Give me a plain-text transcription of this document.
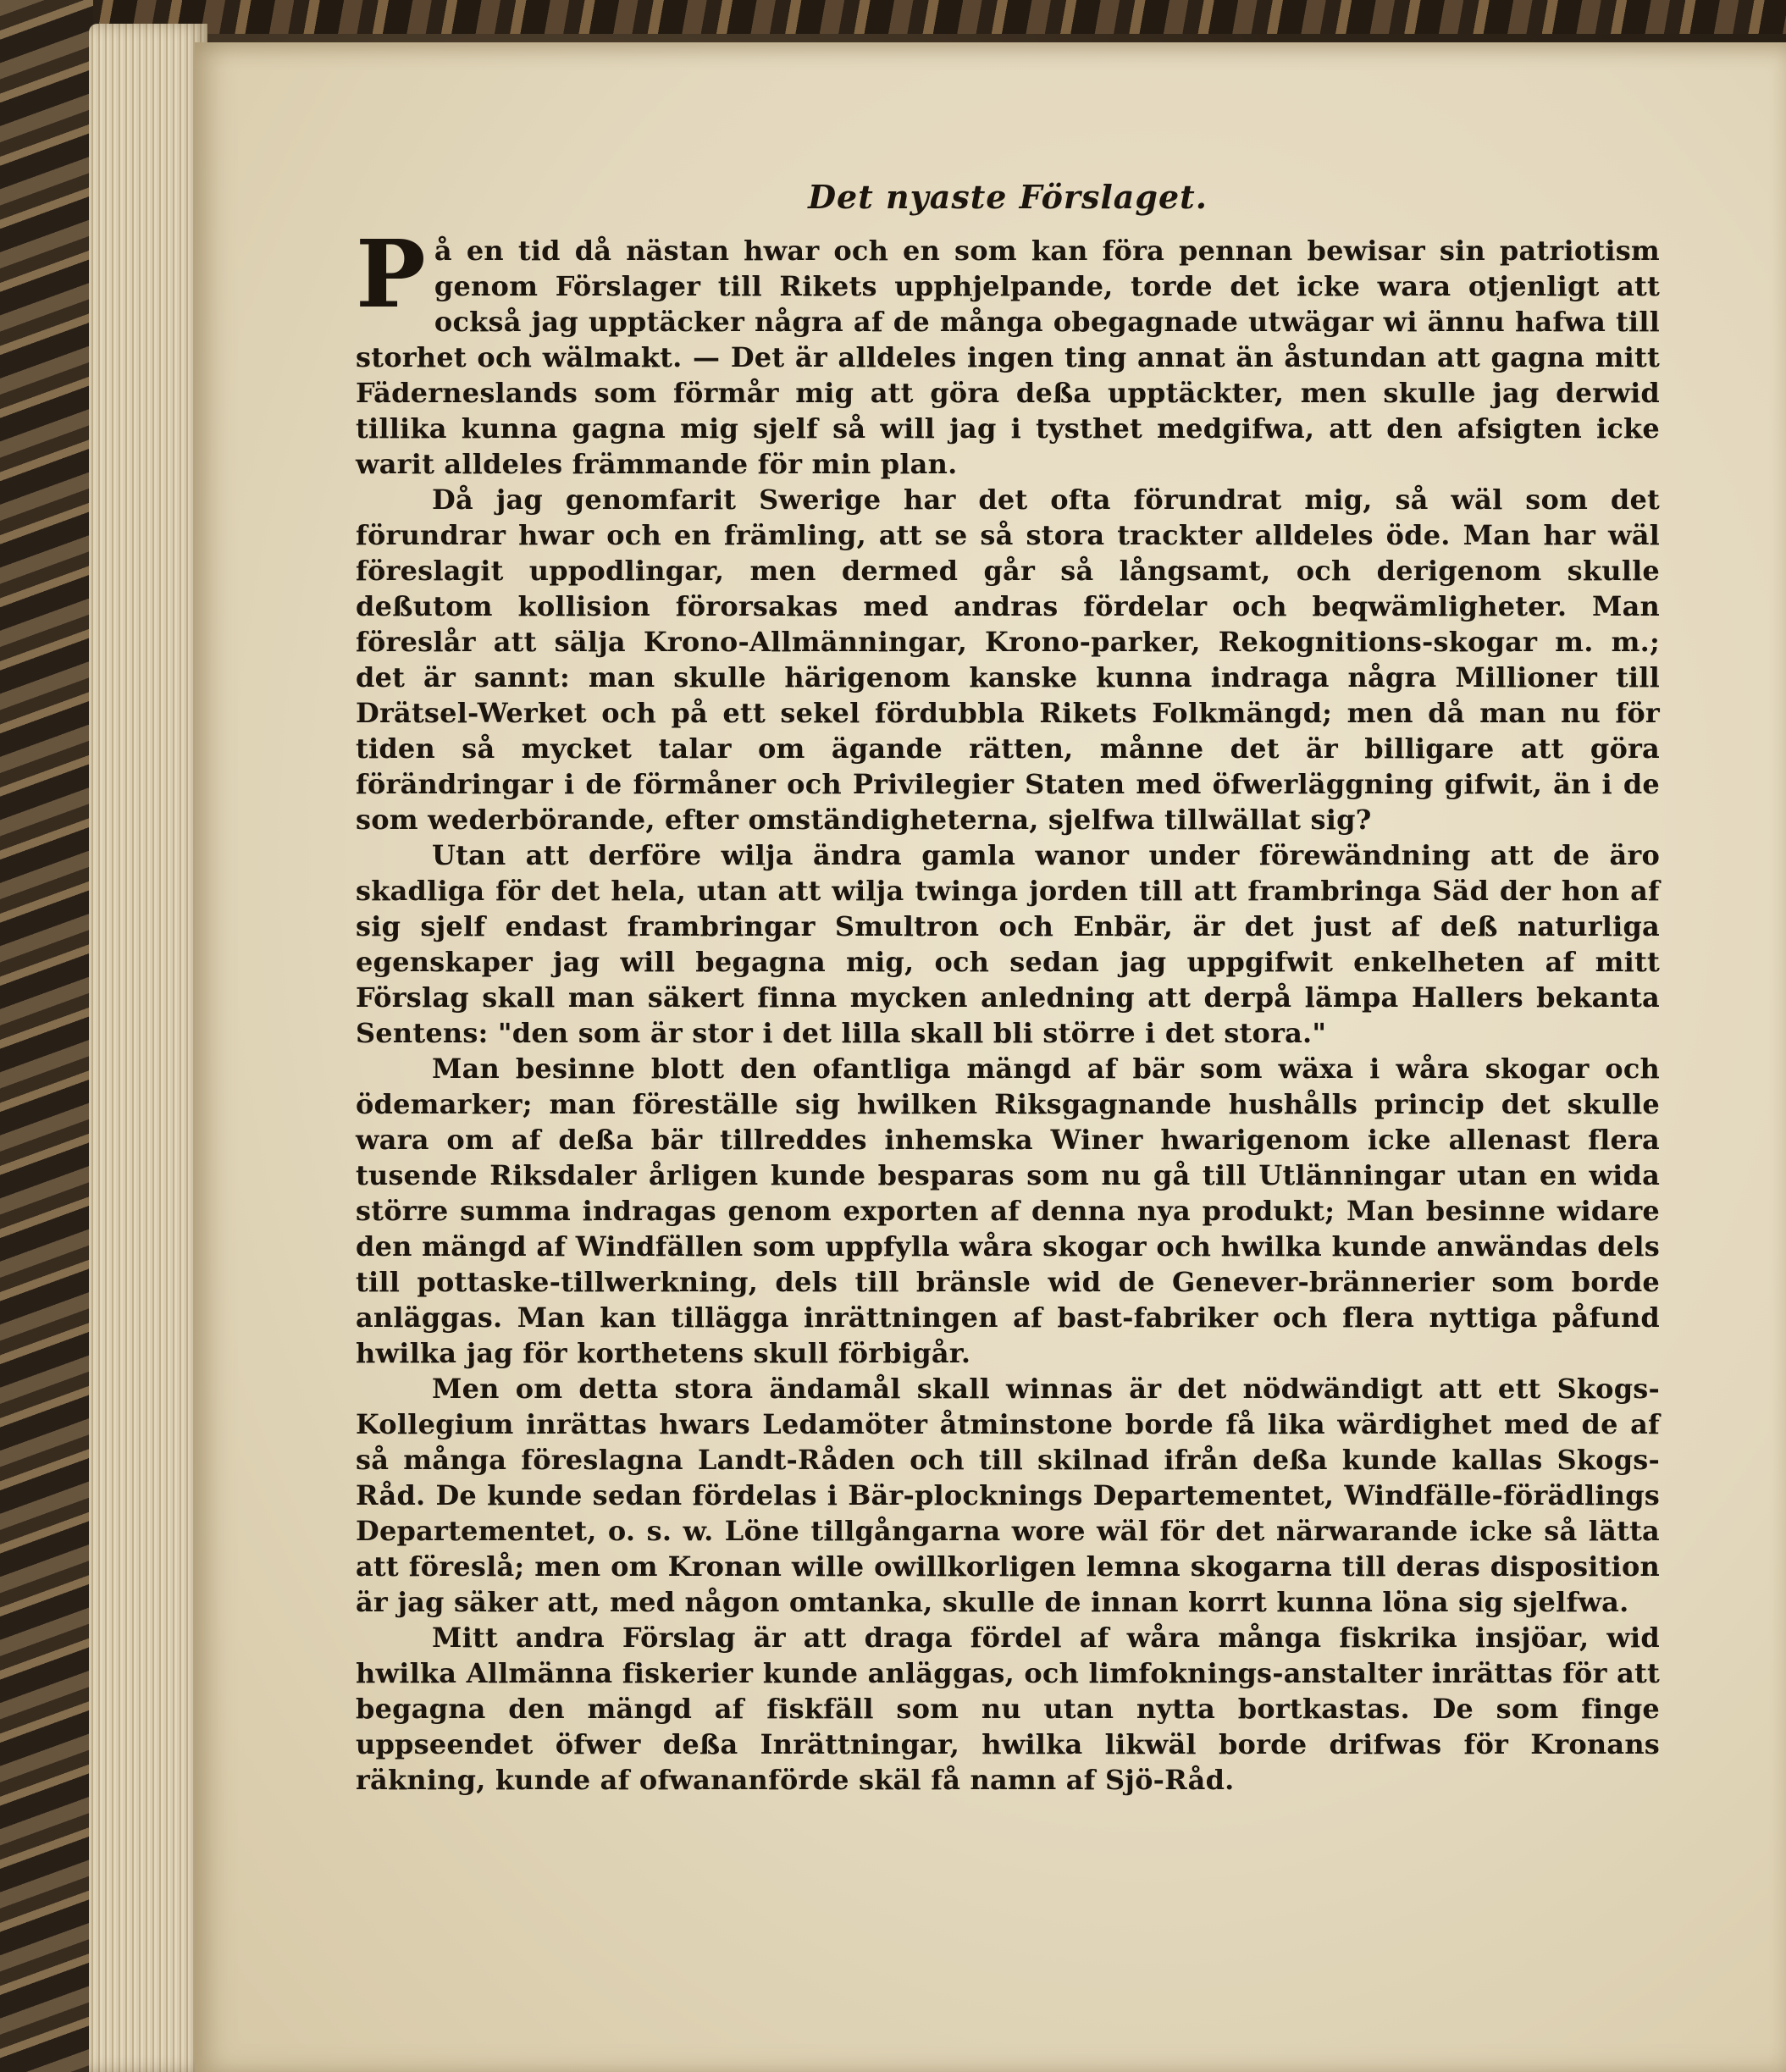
Det nyaste Förslaget.

På en tid då nästan hwar och en som kan föra pennan bewisar sin patriotism genom Förslager till Rikets upphjelpande, torde det icke wara otjenligt att också jag upptäcker några af de många obegagnade utwägar wi ännu hafwa till storhet och wälmakt. — Det är alldeles ingen ting annat än åstundan att gagna mitt Fäderneslands som förmår mig att göra deßa upptäckter, men skulle jag derwid tillika kunna gagna mig sjelf så will jag i tysthet medgifwa, att den afsigten icke warit alldeles främmande för min plan.

Då jag genomfarit Swerige har det ofta förundrat mig, så wäl som det förundrar hwar och en främling, att se så stora trackter alldeles öde. Man har wäl föreslagit uppodlingar, men dermed går så långsamt, och derigenom skulle deßutom kollision förorsakas med andras fördelar och beqwämligheter. Man föreslår att sälja Krono-Allmänningar, Krono-parker, Rekognitions-skogar m. m.; det är sannt: man skulle härigenom kanske kunna indraga några Millioner till Drätsel-Werket och på ett sekel fördubbla Rikets Folkmängd; men då man nu för tiden så mycket talar om ägande rätten, månne det är billigare att göra förändringar i de förmåner och Privilegier Staten med öfwerläggning gifwit, än i de som wederbörande, efter omständigheterna, sjelfwa tillwällat sig?

Utan att derföre wilja ändra gamla wanor under förewändning att de äro skadliga för det hela, utan att wilja twinga jorden till att frambringa Säd der hon af sig sjelf endast frambringar Smultron och Enbär, är det just af deß naturliga egenskaper jag will begagna mig, och sedan jag uppgifwit enkelheten af mitt Förslag skall man säkert finna mycken anledning att derpå lämpa Hallers bekanta Sentens: "den som är stor i det lilla skall bli större i det stora."

Man besinne blott den ofantliga mängd af bär som wäxa i wåra skogar och ödemarker; man föreställe sig hwilken Riksgagnande hushålls princip det skulle wara om af deßa bär tillreddes inhemska Winer hwarigenom icke allenast flera tusende Riksdaler årligen kunde besparas som nu gå till Utlänningar utan en wida större summa indragas genom exporten af denna nya produkt; Man besinne widare den mängd af Windfällen som uppfylla wåra skogar och hwilka kunde anwändas dels till pottaske-tillwerkning, dels till bränsle wid de Genever-brännerier som borde anläggas. Man kan tillägga inrättningen af bast-fabriker och flera nyttiga påfund hwilka jag för korthetens skull förbigår.

Men om detta stora ändamål skall winnas är det nödwändigt att ett Skogs-Kollegium inrättas hwars Ledamöter åtminstone borde få lika wärdighet med de af så många föreslagna Landt-Råden och till skilnad ifrån deßa kunde kallas Skogs-Råd. De kunde sedan fördelas i Bär-plocknings Departementet, Windfälle-förädlings Departementet, o. s. w. Löne tillgångarna wore wäl för det närwarande icke så lätta att föreslå; men om Kronan wille owillkorligen lemna skogarna till deras disposition är jag säker att, med någon omtanka, skulle de innan korrt kunna löna sig sjelfwa.

Mitt andra Förslag är att draga fördel af wåra många fiskrika insjöar, wid hwilka Allmänna fiskerier kunde anläggas, och limfoknings-anstalter inrättas för att begagna den mängd af fiskfäll som nu utan nytta bortkastas. De som finge uppseendet öfwer deßa Inrättningar, hwilka likwäl borde drifwas för Kronans räkning, kunde af ofwananförde skäl få namn af Sjö-Råd.
